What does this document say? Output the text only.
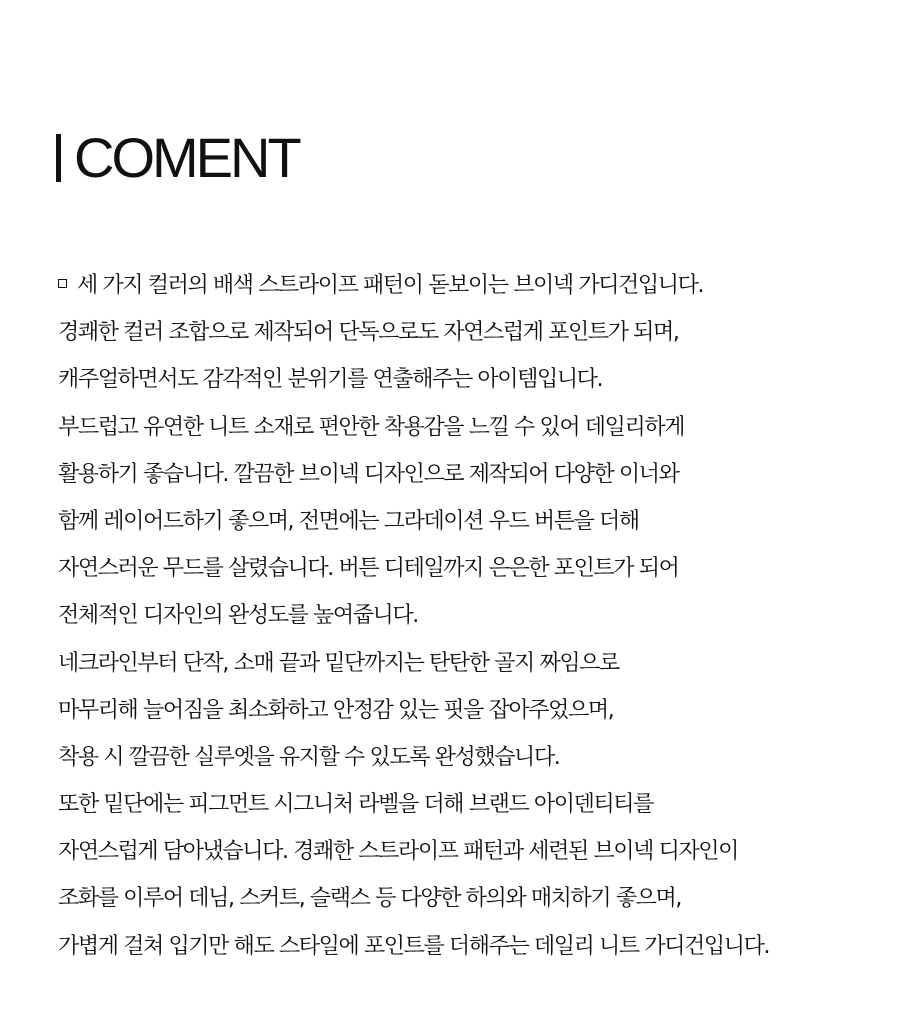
COMENT
세 가지 컬러의 배색 스트라이프 패턴이 돋보이는 브이넥 가디건입니다.
경쾌한 컬러 조합으로 제작되어 단독으로도 자연스럽게 포인트가 되며,
캐주얼하면서도 감각적인 분위기를 연출해주는 아이템입니다.
부드럽고 유연한 니트 소재로 편안한 착용감을 느낄 수 있어 데일리하게
활용하기 좋습니다. 깔끔한 브이넥 디자인으로 제작되어 다양한 이너와
함께 레이어드하기 좋으며, 전면에는 그라데이션 우드 버튼을 더해
자연스러운 무드를 살렸습니다. 버튼 디테일까지 은은한 포인트가 되어
전체적인 디자인의 완성도를 높여줍니다.
네크라인부터 단작, 소매 끝과 밑단까지는 탄탄한 골지 짜임으로
마무리해 늘어짐을 최소화하고 안정감 있는 핏을 잡아주었으며,
착용 시 깔끔한 실루엣을 유지할 수 있도록 완성했습니다.
또한 밑단에는 피그먼트 시그니처 라벨을 더해 브랜드 아이덴티티를
자연스럽게 담아냈습니다. 경쾌한 스트라이프 패턴과 세련된 브이넥 디자인이
조화를 이루어 데님, 스커트, 슬랙스 등 다양한 하의와 매치하기 좋으며,
가볍게 걸쳐 입기만 해도 스타일에 포인트를 더해주는 데일리 니트 가디건입니다.
